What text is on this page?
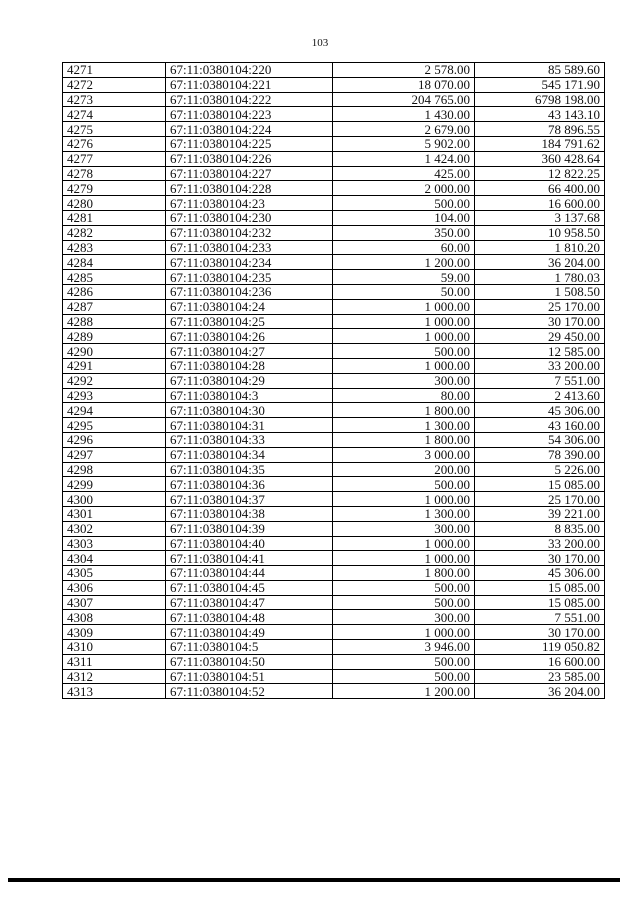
103
4271	67:11:0380104:220	2 578.00	85 589.60
4272	67:11:0380104:221	18 070.00	545 171.90
4273	67:11:0380104:222	204 765.00	6798 198.00
4274	67:11:0380104:223	1 430.00	43 143.10
4275	67:11:0380104:224	2 679.00	78 896.55
4276	67:11:0380104:225	5 902.00	184 791.62
4277	67:11:0380104:226	1 424.00	360 428.64
4278	67:11:0380104:227	425.00	12 822.25
4279	67:11:0380104:228	2 000.00	66 400.00
4280	67:11:0380104:23	500.00	16 600.00
4281	67:11:0380104:230	104.00	3 137.68
4282	67:11:0380104:232	350.00	10 958.50
4283	67:11:0380104:233	60.00	1 810.20
4284	67:11:0380104:234	1 200.00	36 204.00
4285	67:11:0380104:235	59.00	1 780.03
4286	67:11:0380104:236	50.00	1 508.50
4287	67:11:0380104:24	1 000.00	25 170.00
4288	67:11:0380104:25	1 000.00	30 170.00
4289	67:11:0380104:26	1 000.00	29 450.00
4290	67:11:0380104:27	500.00	12 585.00
4291	67:11:0380104:28	1 000.00	33 200.00
4292	67:11:0380104:29	300.00	7 551.00
4293	67:11:0380104:3	80.00	2 413.60
4294	67:11:0380104:30	1 800.00	45 306.00
4295	67:11:0380104:31	1 300.00	43 160.00
4296	67:11:0380104:33	1 800.00	54 306.00
4297	67:11:0380104:34	3 000.00	78 390.00
4298	67:11:0380104:35	200.00	5 226.00
4299	67:11:0380104:36	500.00	15 085.00
4300	67:11:0380104:37	1 000.00	25 170.00
4301	67:11:0380104:38	1 300.00	39 221.00
4302	67:11:0380104:39	300.00	8 835.00
4303	67:11:0380104:40	1 000.00	33 200.00
4304	67:11:0380104:41	1 000.00	30 170.00
4305	67:11:0380104:44	1 800.00	45 306.00
4306	67:11:0380104:45	500.00	15 085.00
4307	67:11:0380104:47	500.00	15 085.00
4308	67:11:0380104:48	300.00	7 551.00
4309	67:11:0380104:49	1 000.00	30 170.00
4310	67:11:0380104:5	3 946.00	119 050.82
4311	67:11:0380104:50	500.00	16 600.00
4312	67:11:0380104:51	500.00	23 585.00
4313	67:11:0380104:52	1 200.00	36 204.00
